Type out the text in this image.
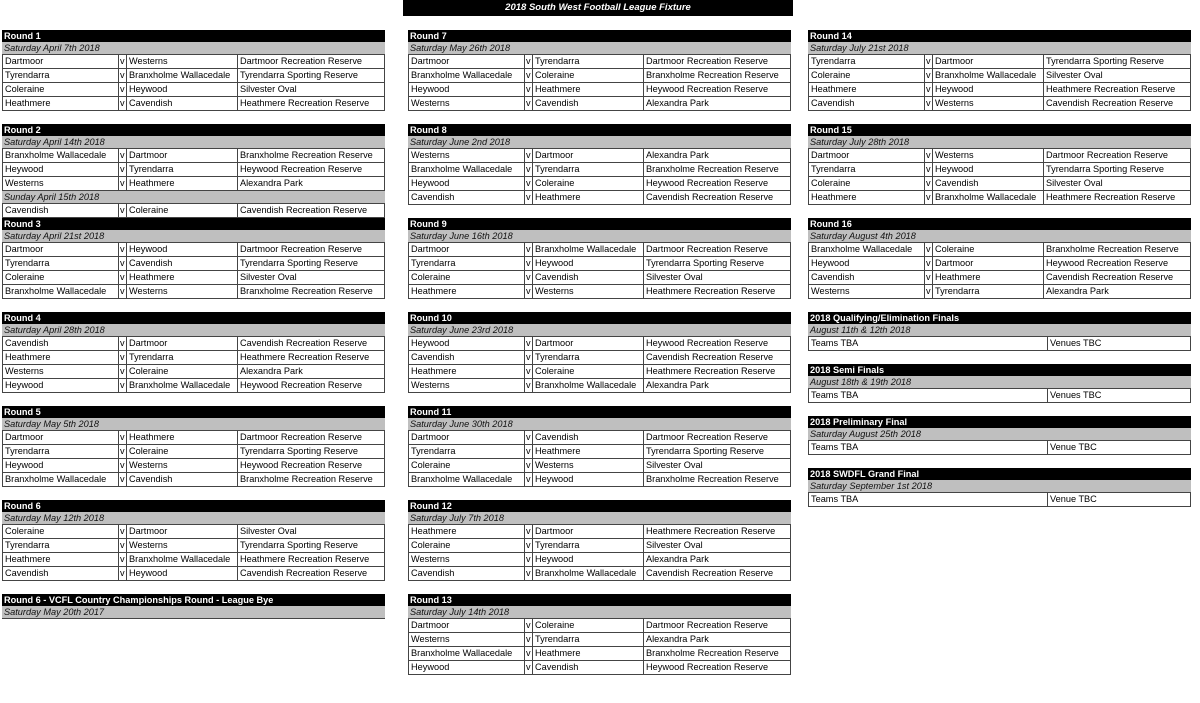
2018 South West Football League Fixture
Round 1
Saturday April 7th 2018
Dartmoor	v Westerns	Dartmoor Recreation Reserve
Tyrendarra	v Branxholme Wallacedale	Tyrendarra Sporting Reserve
Coleraine	v Heywood	Silvester Oval
Heathmere	v Cavendish	Heathmere Recreation Reserve
Round 2
Saturday April 14th 2018
Branxholme Wallacedale	v Dartmoor	Branxholme Recreation Reserve
Heywood	v Tyrendarra	Heywood Recreation Reserve
Westerns	v Heathmere	Alexandra Park
Sunday April 15th 2018
Cavendish	v Coleraine	Cavendish Recreation Reserve
Round 3
Saturday April 21st 2018
Dartmoor	v Heywood	Dartmoor Recreation Reserve
Tyrendarra	v Cavendish	Tyrendarra Sporting Reserve
Coleraine	v Heathmere	Silvester Oval
Branxholme Wallacedale	v Westerns	Branxholme Recreation Reserve
Round 4
Saturday April 28th 2018
Cavendish	v Dartmoor	Cavendish Recreation Reserve
Heathmere	v Tyrendarra	Heathmere Recreation Reserve
Westerns	v Coleraine	Alexandra Park
Heywood	v Branxholme Wallacedale	Heywood Recreation Reserve
Round 5
Saturday May 5th 2018
Dartmoor	v Heathmere	Dartmoor Recreation Reserve
Tyrendarra	v Coleraine	Tyrendarra Sporting Reserve
Heywood	v Westerns	Heywood Recreation Reserve
Branxholme Wallacedale	v Cavendish	Branxholme Recreation Reserve
Round 6
Saturday May 12th 2018
Coleraine	v Dartmoor	Silvester Oval
Tyrendarra	v Westerns	Tyrendarra Sporting Reserve
Heathmere	v Branxholme Wallacedale	Heathmere Recreation Reserve
Cavendish	v Heywood	Cavendish Recreation Reserve
Round 6 - VCFL Country Championships Round - League Bye
Saturday May 20th 2017
Round 7
Saturday May 26th 2018
Dartmoor	v Tyrendarra	Dartmoor Recreation Reserve
Branxholme Wallacedale	v Coleraine	Branxholme Recreation Reserve
Heywood	v Heathmere	Heywood Recreation Reserve
Westerns	v Cavendish	Alexandra Park
Round 8
Saturday June 2nd 2018
Westerns	v Dartmoor	Alexandra Park
Branxholme Wallacedale	v Tyrendarra	Branxholme Recreation Reserve
Heywood	v Coleraine	Heywood Recreation Reserve
Cavendish	v Heathmere	Cavendish Recreation Reserve
Round 9
Saturday June 16th 2018
Dartmoor	v Branxholme Wallacedale	Dartmoor Recreation Reserve
Tyrendarra	v Heywood	Tyrendarra Sporting Reserve
Coleraine	v Cavendish	Silvester Oval
Heathmere	v Westerns	Heathmere Recreation Reserve
Round 10
Saturday June 23rd 2018
Heywood	v Dartmoor	Heywood Recreation Reserve
Cavendish	v Tyrendarra	Cavendish Recreation Reserve
Heathmere	v Coleraine	Heathmere Recreation Reserve
Westerns	v Branxholme Wallacedale	Alexandra Park
Round 11
Saturday June 30th 2018
Dartmoor	v Cavendish	Dartmoor Recreation Reserve
Tyrendarra	v Heathmere	Tyrendarra Sporting Reserve
Coleraine	v Westerns	Silvester Oval
Branxholme Wallacedale	v Heywood	Branxholme Recreation Reserve
Round 12
Saturday July 7th 2018
Heathmere	v Dartmoor	Heathmere Recreation Reserve
Coleraine	v Tyrendarra	Silvester Oval
Westerns	v Heywood	Alexandra Park
Cavendish	v Branxholme Wallacedale	Cavendish Recreation Reserve
Round 13
Saturday July 14th 2018
Dartmoor	v Coleraine	Dartmoor Recreation Reserve
Westerns	v Tyrendarra	Alexandra Park
Branxholme Wallacedale	v Heathmere	Branxholme Recreation Reserve
Heywood	v Cavendish	Heywood Recreation Reserve
Round 14
Saturday July 21st 2018
Tyrendarra	v Dartmoor	Tyrendarra Sporting Reserve
Coleraine	v Branxholme Wallacedale	Silvester Oval
Heathmere	v Heywood	Heathmere Recreation Reserve
Cavendish	v Westerns	Cavendish Recreation Reserve
Round 15
Saturday July 28th 2018
Dartmoor	v Westerns	Dartmoor Recreation Reserve
Tyrendarra	v Heywood	Tyrendarra Sporting Reserve
Coleraine	v Cavendish	Silvester Oval
Heathmere	v Branxholme Wallacedale	Heathmere Recreation Reserve
Round 16
Saturday August 4th 2018
Branxholme Wallacedale	v Coleraine	Branxholme Recreation Reserve
Heywood	v Dartmoor	Heywood Recreation Reserve
Cavendish	v Heathmere	Cavendish Recreation Reserve
Westerns	v Tyrendarra	Alexandra Park
2018 Qualifying/Elimination Finals
August 11th & 12th 2018
Teams TBA	Venues TBC
2018 Semi Finals
August 18th & 19th 2018
Teams TBA	Venues TBC
2018 Preliminary Final
Saturday August 25th 2018
Teams TBA	Venue TBC
2018 SWDFL Grand Final
Saturday September 1st 2018
Teams TBA	Venue TBC
